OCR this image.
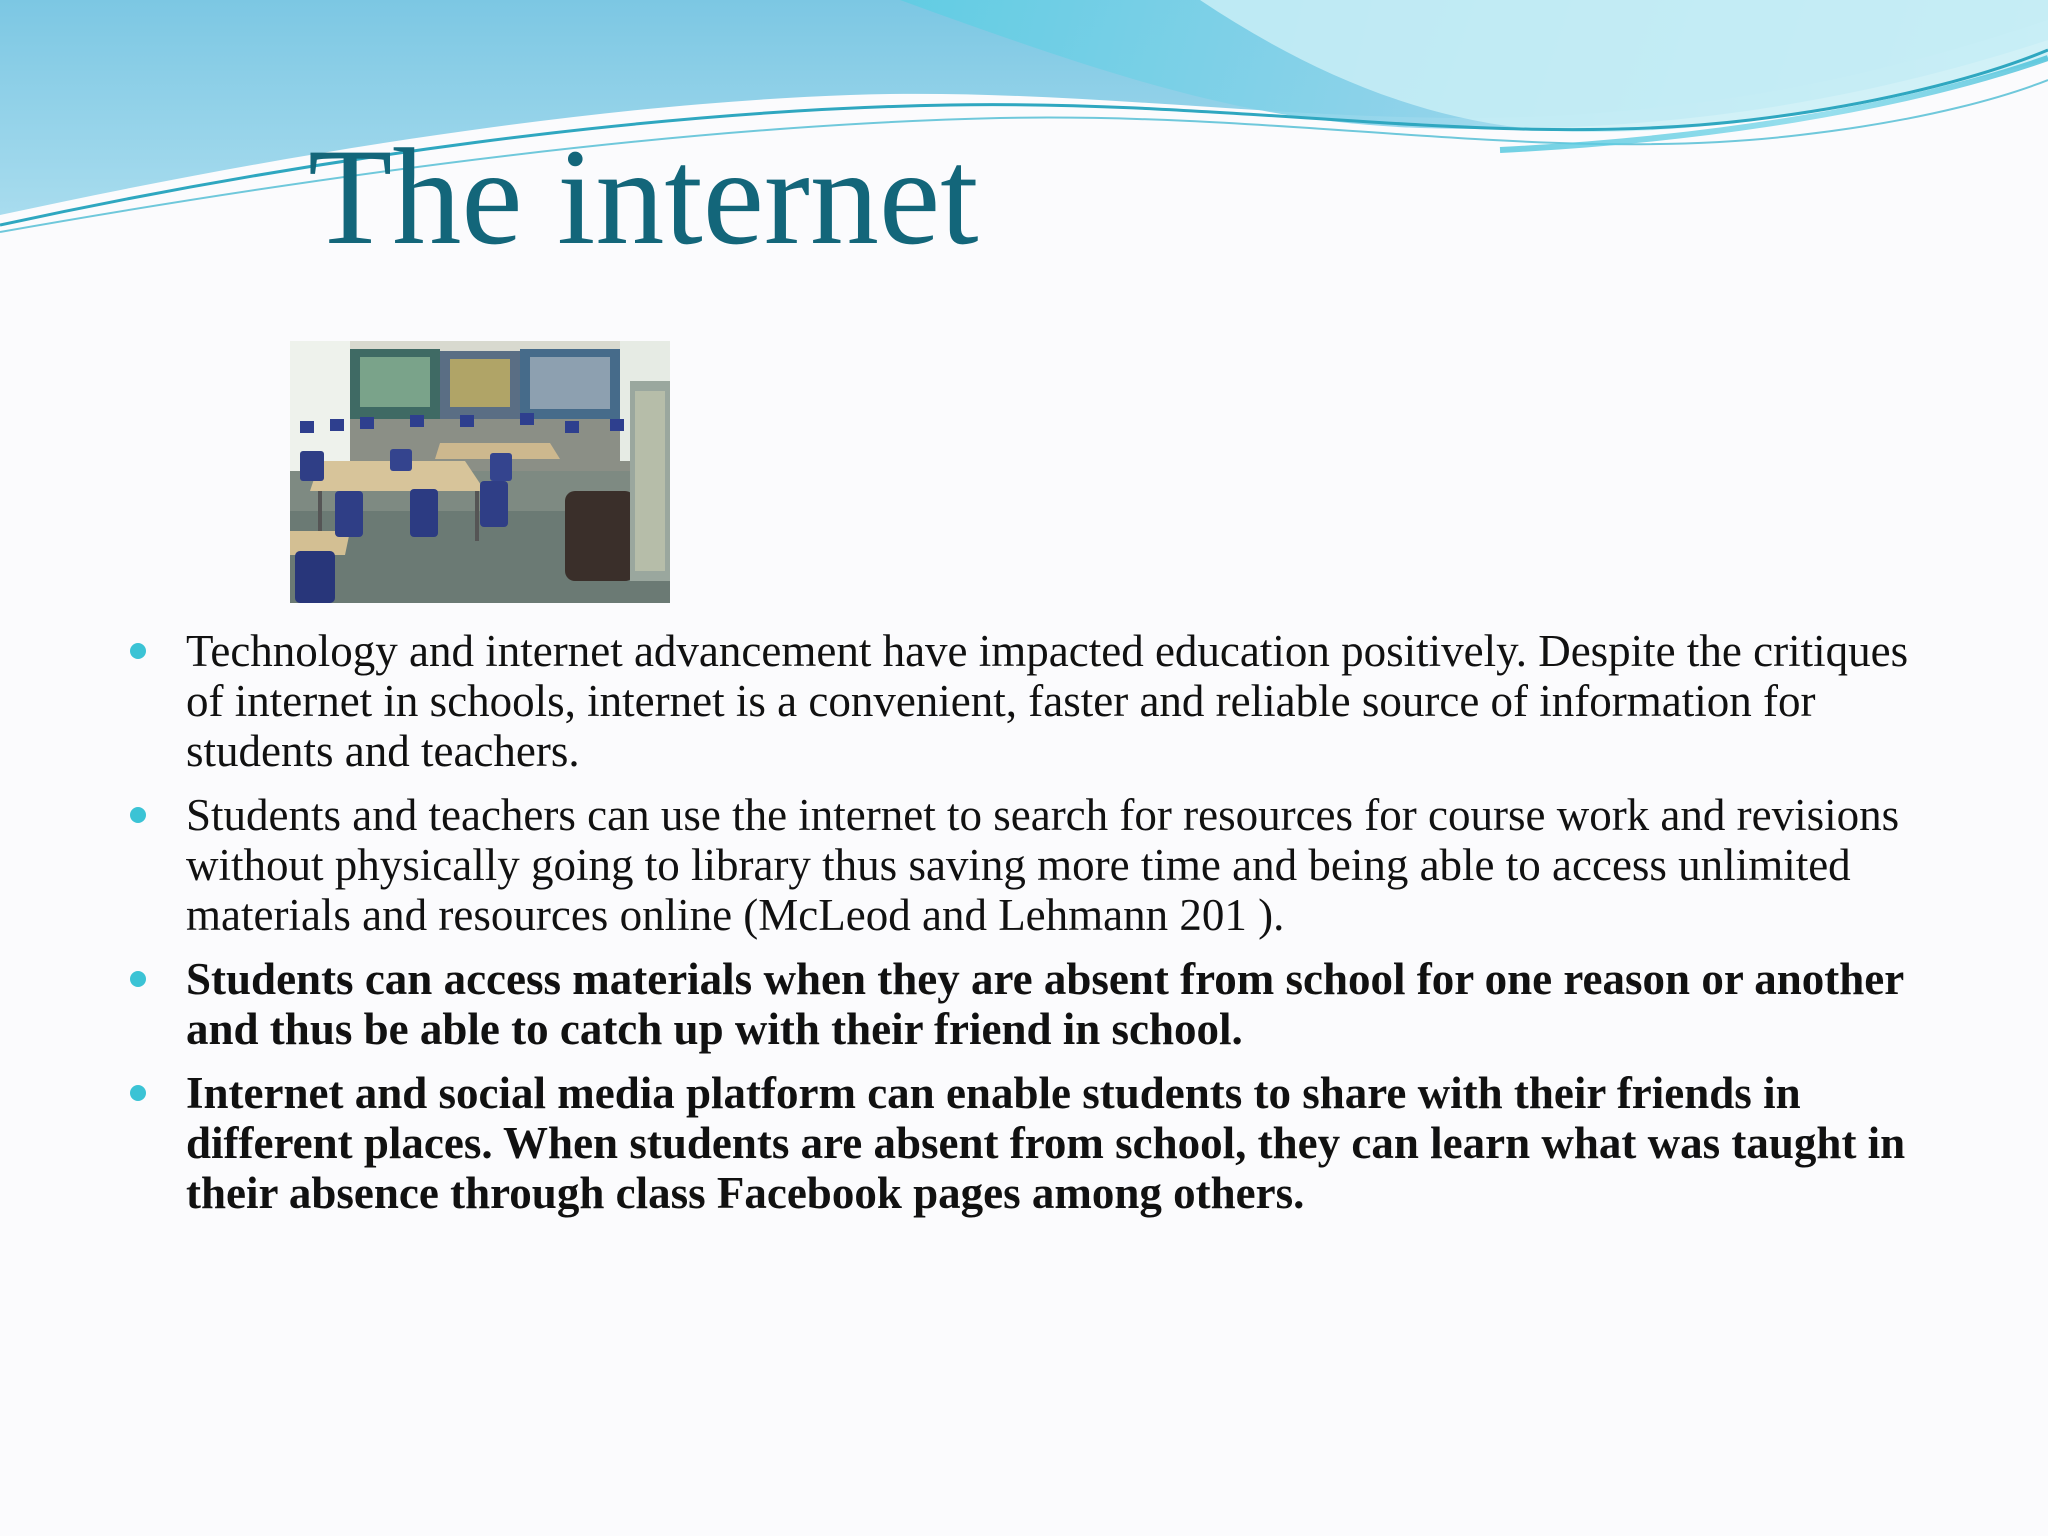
The internet
Technology and internet advancement have impacted education positively. Despite the critiques of internet in schools, internet is a convenient, faster and reliable source of information for students and teachers.
Students and teachers can use the internet to search for resources for course work and revisions without physically going to library thus saving more time and being able to access unlimited materials and resources online (McLeod and Lehmann 201 ).
Students can access materials when they are absent from school for one reason or another and thus be able to catch up with their friend in school.
Internet and social media platform can enable students to share with their friends in different places. When students are absent from school, they can learn what was taught in their absence through class Facebook pages among others.
